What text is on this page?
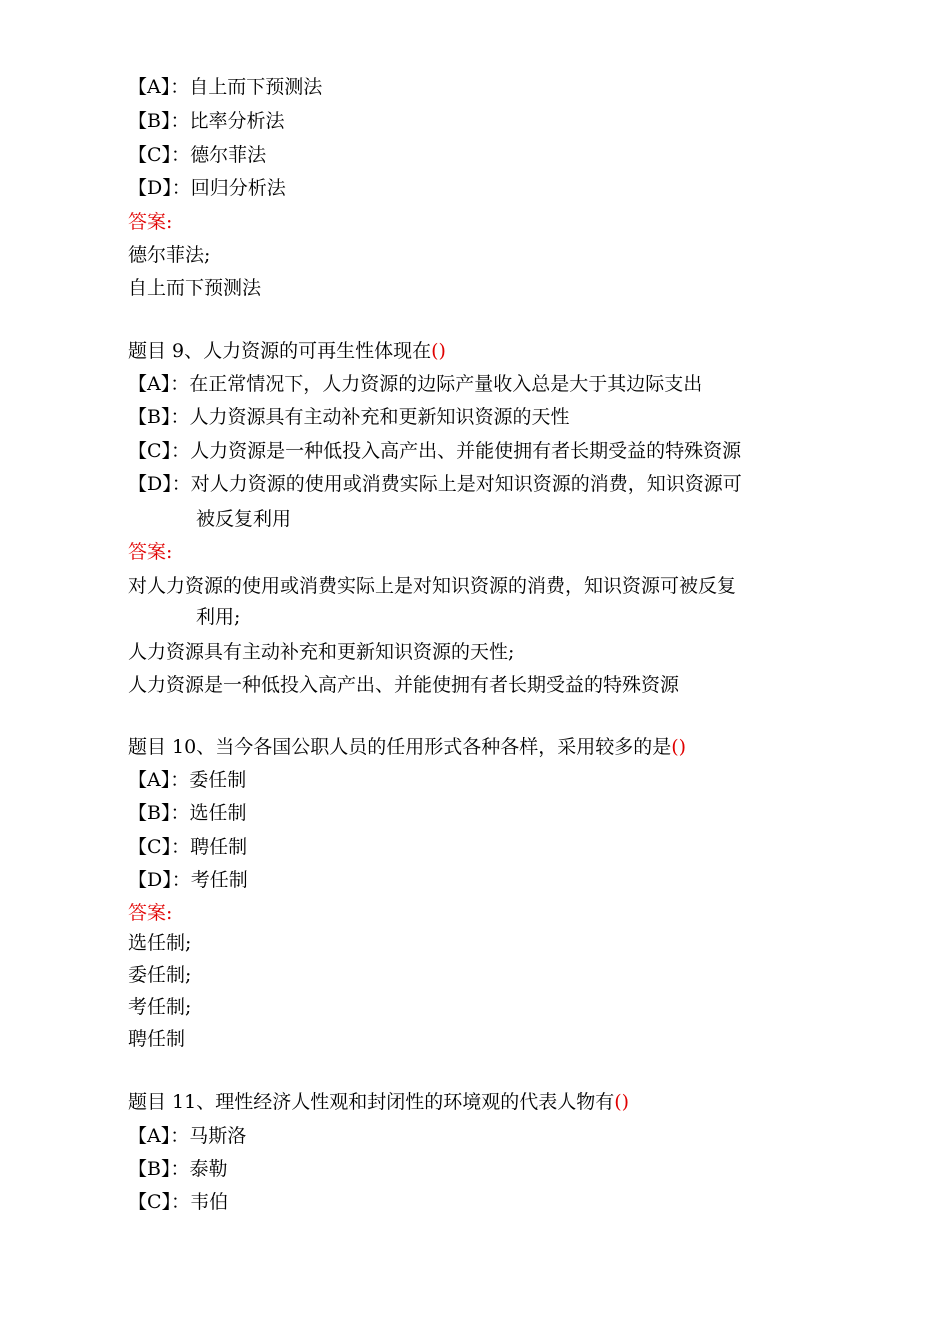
【A】：自上而下预测法
【B】：比率分析法
【C】：德尔菲法
【D】：回归分析法
答案:
德尔菲法;
自上而下预测法
题目 9、人力资源的可再生性体现在()
【A】：在正常情况下，人力资源的边际产量收入总是大于其边际支出
【B】：人力资源具有主动补充和更新知识资源的天性
【C】：人力资源是一种低投入高产出、并能使拥有者长期受益的特殊资源
【D】：对人力资源的使用或消费实际上是对知识资源的消费，知识资源可
被反复利用
答案:
对人力资源的使用或消费实际上是对知识资源的消费，知识资源可被反复
利用;
人力资源具有主动补充和更新知识资源的天性;
人力资源是一种低投入高产出、并能使拥有者长期受益的特殊资源
题目 10、当今各国公职人员的任用形式各种各样，采用较多的是()
【A】：委任制
【B】：选任制
【C】：聘任制
【D】：考任制
答案:
选任制;
委任制;
考任制;
聘任制
题目 11、理性经济人性观和封闭性的环境观的代表人物有()
【A】：马斯洛
【B】：泰勒
【C】：韦伯
